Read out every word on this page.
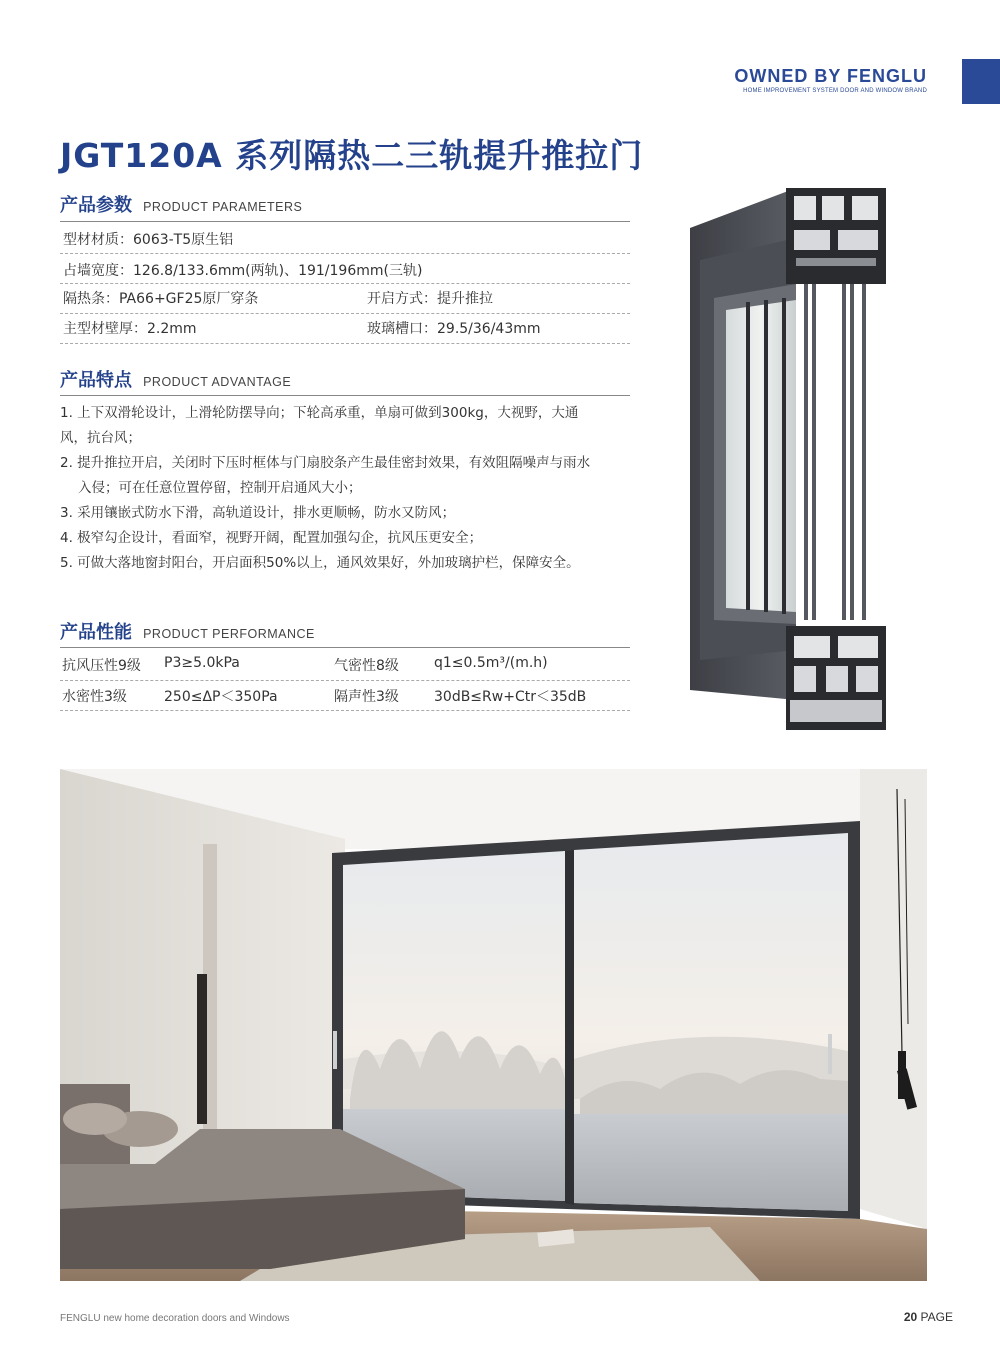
OWNED BY FENGLU
HOME IMPROVEMENT SYSTEM DOOR AND WINDOW BRAND
JGT120A 系列隔热二三轨提升推拉门
产品参数 PRODUCT PARAMETERS
型材材质：6063-T5原生铝
占墙宽度：126.8/133.6mm(两轨)、191/196mm(三轨)
隔热条：PA66+GF25原厂穿条	开启方式：提升推拉
主型材壁厚：2.2mm	玻璃槽口：29.5/36/43mm
产品特点 PRODUCT ADVANTAGE

1. 上下双滑轮设计，上滑轮防摆导向；下轮高承重，单扇可做到300kg，大视野，大通

风，抗台风；

2. 提升推拉开启，关闭时下压时框体与门扇胶条产生最佳密封效果，有效阻隔噪声与雨水

入侵；可在任意位置停留，控制开启通风大小；

3. 采用镶嵌式防水下滑，高轨道设计，排水更顺畅，防水又防风；

4. 极窄勾企设计，看面窄，视野开阔，配置加强勾企，抗风压更安全；

5. 可做大落地窗封阳台，开启面积50%以上，通风效果好，外加玻璃护栏，保障安全。

产品性能 PRODUCT PERFORMANCE
抗风压性9级 P3≥5.0kPa	气密性8级	q1≤0.5m³/(m.h)
水密性3级	250≤ΔP＜350Pa	隔声性3级	30dB≤Rw+Ctr＜35dB
FENGLU new home decoration doors and Windows	20 PAGE
